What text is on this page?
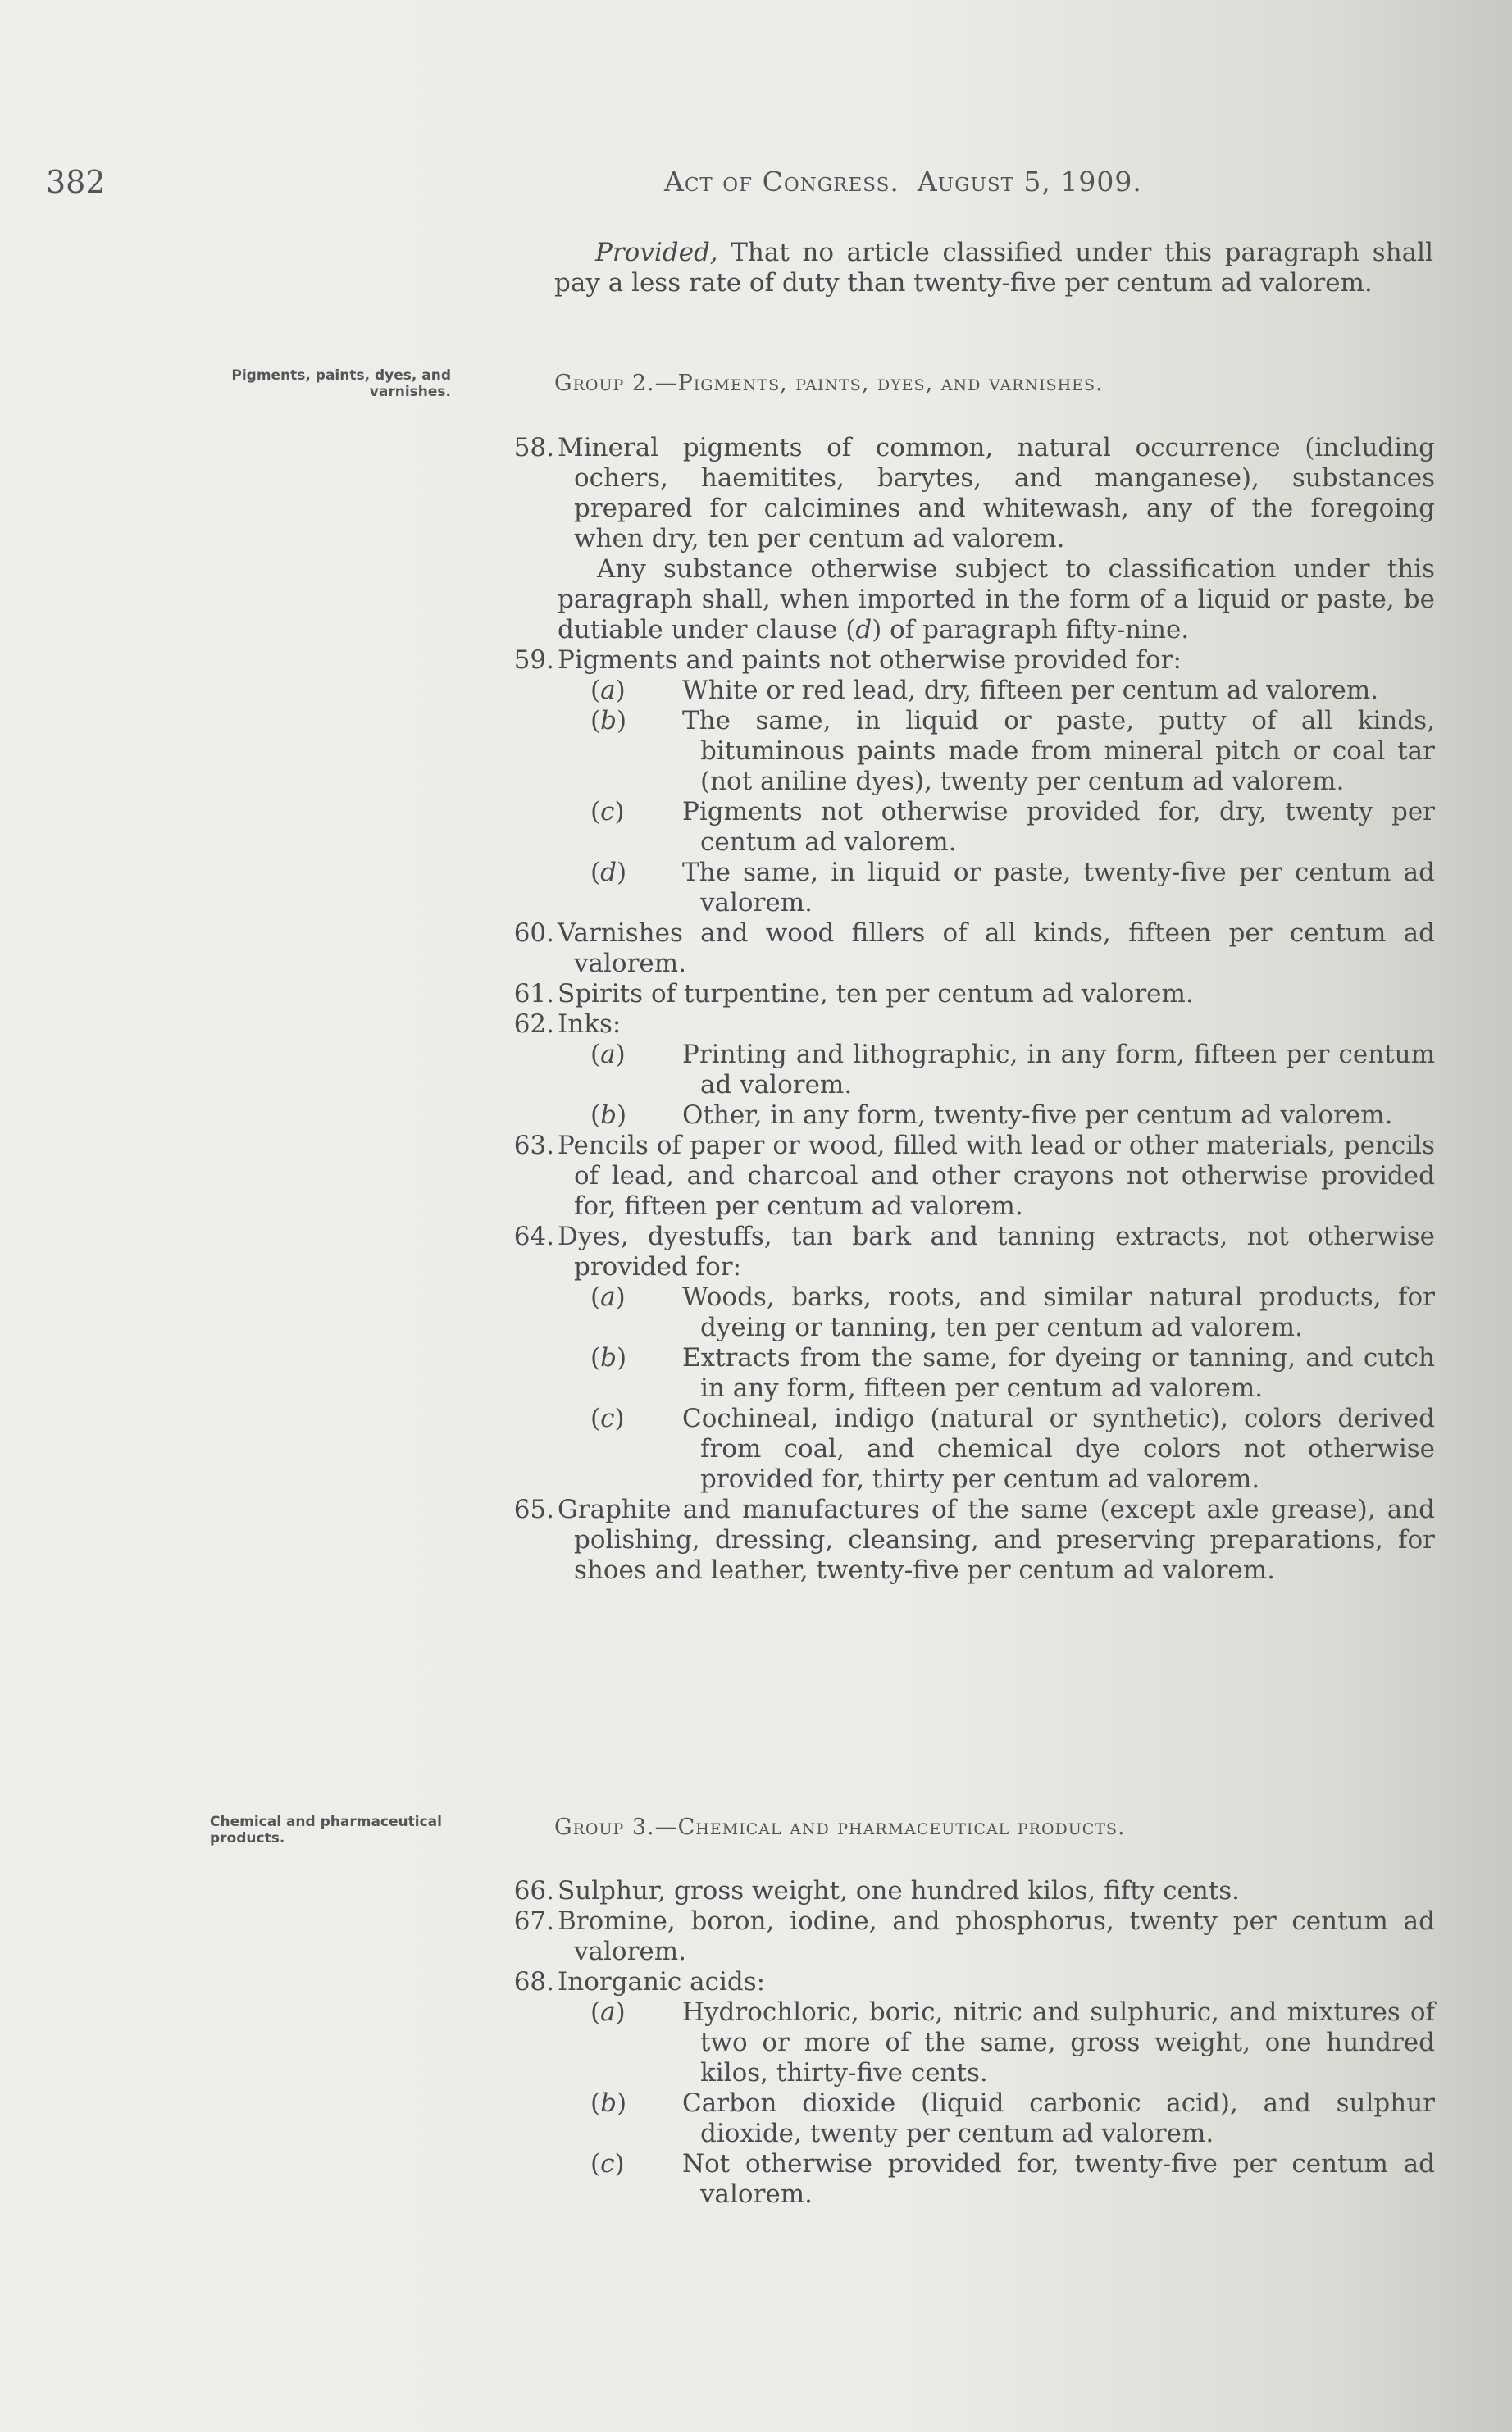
382	Act of Congress. August 5, 1909.
Provided, That no article classified under this paragraph shall pay a less rate of duty than twenty-five per centum ad valorem.
Pigments, paints, dyes, and varnishes.	Group 2.—Pigments, paints, dyes, and varnishes.
58. Mineral pigments of common, natural occurrence (including ochers, haemitites, barytes, and manganese), substances prepared for calcimines and whitewash, any of the foregoing when dry, ten per centum ad valorem.
Any substance otherwise subject to classification under this paragraph shall, when imported in the form of a liquid or paste, be dutiable under clause (d) of paragraph fifty-nine.
59. Pigments and paints not otherwise provided for:
(a)	White or red lead, dry, fifteen per centum ad valorem.
(b)	The same, in liquid or paste, putty of all kinds, bituminous paints made from mineral pitch or coal tar (not aniline dyes), twenty per centum ad valorem.
(c)	Pigments not otherwise provided for, dry, twenty per centum ad valorem.
(d)	The same, in liquid or paste, twenty-five per centum ad valorem.
60. Varnishes and wood fillers of all kinds, fifteen per centum ad valorem.
61. Spirits of turpentine, ten per centum ad valorem.
62. Inks:
(a)	Printing and lithographic, in any form, fifteen per centum ad valorem.
(b)	Other, in any form, twenty-five per centum ad valorem.
63. Pencils of paper or wood, filled with lead or other materials, pencils of lead, and charcoal and other crayons not otherwise provided for, fifteen per centum ad valorem.
64. Dyes, dyestuffs, tan bark and tanning extracts, not otherwise provided for:
(a)	Woods, barks, roots, and similar natural products, for dyeing or tanning, ten per centum ad valorem.
(b)	Extracts from the same, for dyeing or tanning, and cutch in any form, fifteen per centum ad valorem.
(c)	Cochineal, indigo (natural or synthetic), colors derived from coal, and chemical dye colors not otherwise provided for, thirty per centum ad valorem.
65. Graphite and manufactures of the same (except axle grease), and polishing, dressing, cleansing, and preserving preparations, for shoes and leather, twenty-five per centum ad valorem.
Chemical and pharmaceutical products.	Group 3.—Chemical and pharmaceutical products.
66. Sulphur, gross weight, one hundred kilos, fifty cents.
67. Bromine, boron, iodine, and phosphorus, twenty per centum ad valorem.
68. Inorganic acids:
(a)	Hydrochloric, boric, nitric and sulphuric, and mixtures of two or more of the same, gross weight, one hundred kilos, thirty-five cents.
(b)	Carbon dioxide (liquid carbonic acid), and sulphur dioxide, twenty per centum ad valorem.
(c)	Not otherwise provided for, twenty-five per centum ad valorem.
